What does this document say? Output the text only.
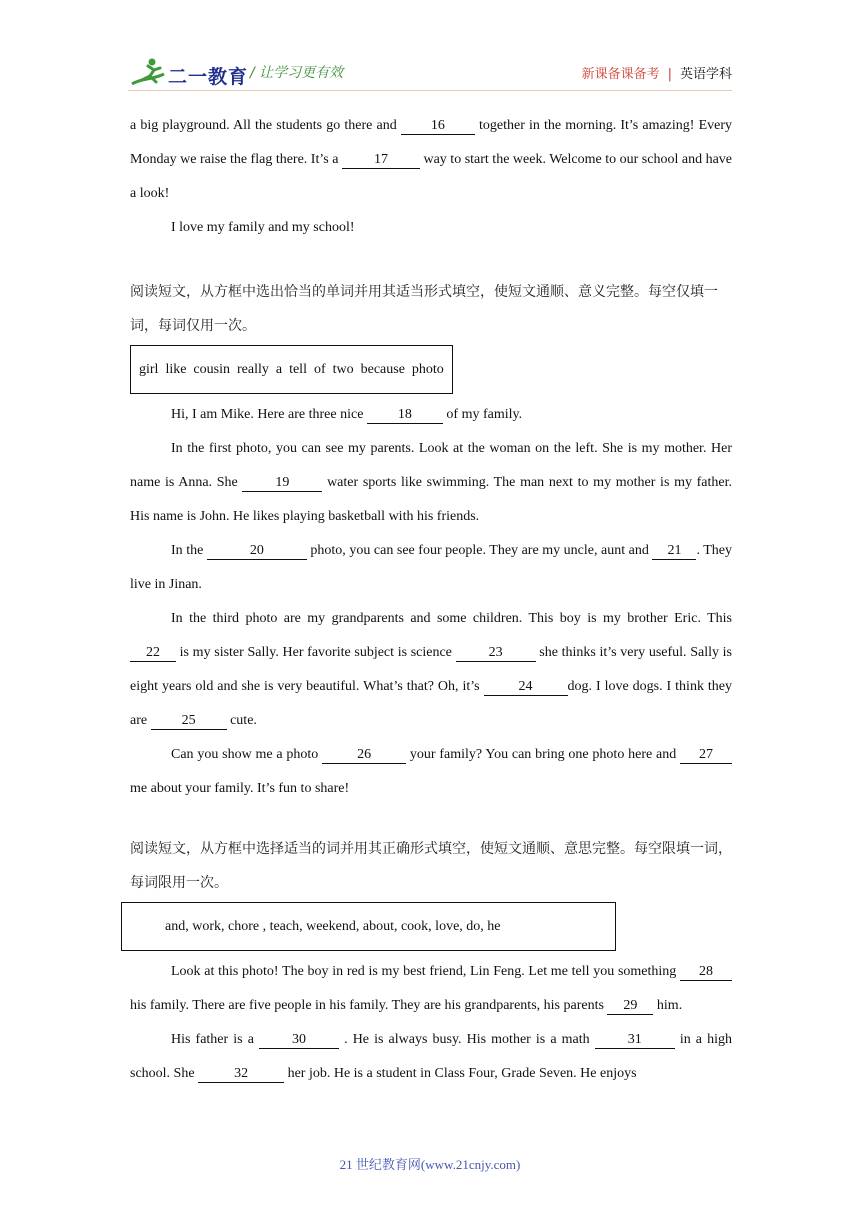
二一教育 / 让学习更有效	新课备课备考 | 英语学科

a big playground. All the students go there and 16 together in the morning. It’s amazing! Every Monday we raise the flag there. It’s a	17	way to start the week. Welcome to our school and have a look!

I love my family and my school!

阅读短文，从方框中选出恰当的单词并用其适当形式填空，使短文通顺、意义完整。每空仅填一词，每词仅用一次。

girl  like  cousin  really  a  tell  of  two  because  photo

Hi, I am Mike. Here are three nice 18 of my family.

In the first photo, you can see my parents. Look at the woman on the left. She is my mother. Her name is Anna. She	19	water sports like swimming. The man next to my mother is my father. His name is John. He likes playing basketball with his friends.

In the	20	photo, you can see four people. They are my uncle, aunt and 21 . They live in Jinan.

In the third photo are my grandparents and some children. This boy is my brother Eric. This 22 is my sister Sally. Her favorite subject is science	23	she thinks it’s very useful. Sally is eight years old and she is very beautiful. What’s that? Oh, it’s	24	dog. I love dogs. I think they are 25 cute.

Can you show me a photo	26	your family? You can bring one photo here and 27 me about your family. It’s fun to share!

阅读短文，从方框中选择适当的词并用其正确形式填空，使短文通顺、意思完整。每空限填一词，每词限用一次。

and, work, chore , teach, weekend, about, cook, love, do, he

Look at this photo! The boy in red is my best friend, Lin Feng. Let me tell you something 28 his family. There are five people in his family. They are his grandparents, his parents 29 him.

His father is a	30	. He is always busy. His mother is a math	31	in a high school. She	32	her job. He is a student in Class Four, Grade Seven. He enjoys

21 世纪教育网(www.21cnjy.com)
